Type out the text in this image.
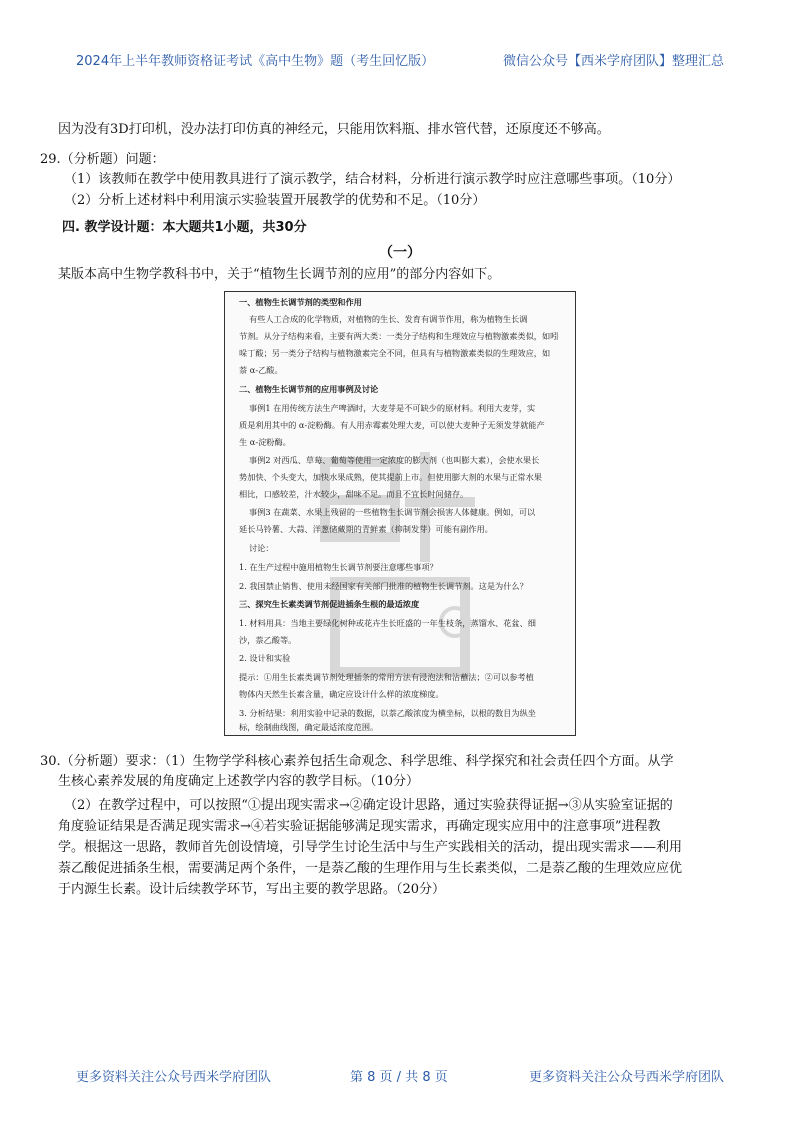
2024年上半年教师资格证考试《高中生物》题（考生回忆版）	微信公众号【西米学府团队】整理汇总
因为没有3D打印机，没办法打印仿真的神经元，只能用饮料瓶、排水管代替，还原度还不够高。
29.（分析题）问题：
（1）该教师在教学中使用教具进行了演示教学，结合材料，分析进行演示教学时应注意哪些事项。（10分）
（2）分析上述材料中利用演示实验装置开展教学的优势和不足。（10分）
四. 教学设计题：本大题共1小题，共30分
（一）
某版本高中生物学教科书中，关于“植物生长调节剂的应用”的部分内容如下。
一、植物生长调节剂的类型和作用
有些人工合成的化学物质，对植物的生长、发育有调节作用，称为植物生长调
节剂。从分子结构来看，主要有两大类：一类分子结构和生理效应与植物激素类似，如吲
哚丁酸；另一类分子结构与植物激素完全不同，但具有与植物激素类似的生理效应，如
萘 α-乙酸。
二、植物生长调节剂的应用事例及讨论
事例1 在用传统方法生产啤酒时，大麦芽是不可缺少的原材料。利用大麦芽，实
质是利用其中的 α-淀粉酶。有人用赤霉素处理大麦，可以使大麦种子无须发芽就能产
生 α-淀粉酶。
事例2 对西瓜、草莓、葡萄等使用一定浓度的膨大剂（也叫膨大素），会使水果长
势加快、个头变大，加快水果成熟，使其提前上市。但使用膨大剂的水果与正常水果
相比，口感较差，汁水较少，甜味不足。而且不宜长时间储存。
事例3 在蔬菜、水果上残留的一些植物生长调节剂会损害人体健康。例如，可以
延长马铃薯、大蒜、洋葱储藏期的青鲜素（抑制发芽）可能有副作用。
讨论：
1. 在生产过程中施用植物生长调节剂要注意哪些事项？
2. 我国禁止销售、使用未经国家有关部门批准的植物生长调节剂。这是为什么？
三、探究生长素类调节剂促进插条生根的最适浓度
1. 材料用具：当地主要绿化树种或花卉生长旺盛的一年生枝条，蒸馏水、花盆、细
沙，萘乙酸等。
2. 设计和实验
提示：①用生长素类调节剂处理插条的常用方法有浸泡法和沾蘸法；②可以参考植
物体内天然生长素含量，确定应设计什么样的浓度梯度。
3. 分析结果：利用实验中记录的数据，以萘乙酸浓度为横坐标，以根的数目为纵坐
标，绘制曲线图，确定最适浓度范围。
30.（分析题）要求：（1）生物学学科核心素养包括生命观念、科学思维、科学探究和社会责任四个方面。从学
生核心素养发展的角度确定上述教学内容的教学目标。（10分）
（2）在教学过程中，可以按照“①提出现实需求→②确定设计思路，通过实验获得证据→③从实验室证据的
角度验证结果是否满足现实需求→④若实验证据能够满足现实需求，再确定现实应用中的注意事项”进程教
学。根据这一思路，教师首先创设情境，引导学生讨论生活中与生产实践相关的活动，提出现实需求——利用
萘乙酸促进插条生根，需要满足两个条件，一是萘乙酸的生理作用与生长素类似，二是萘乙酸的生理效应应优
于内源生长素。设计后续教学环节，写出主要的教学思路。（20分）
更多资料关注公众号西米学府团队	第 8 页 / 共 8 页	更多资料关注公众号西米学府团队
